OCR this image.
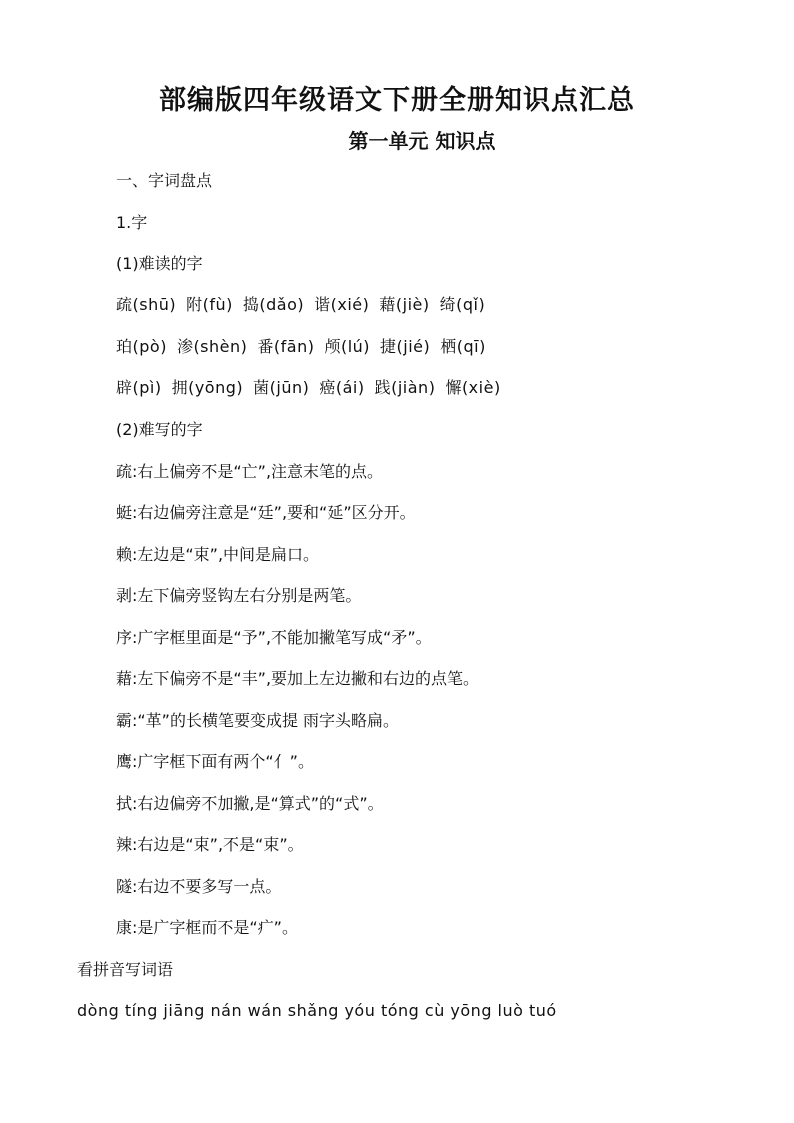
部编版四年级语文下册全册知识点汇总
第一单元 知识点
一、字词盘点
1.字
(1)难读的字
疏(shū) 附(fù) 捣(dǎo) 谐(xié) 藉(jiè) 绮(qǐ)
珀(pò) 渗(shèn) 番(fān) 颅(lú) 捷(jié) 栖(qī)
辟(pì) 拥(yōng) 菌(jūn) 癌(ái) 践(jiàn) 懈(xiè)
(2)难写的字
疏:右上偏旁不是“亡”,注意末笔的点。
蜓:右边偏旁注意是“廷”,要和“延”区分开。
赖:左边是“束”,中间是扁口。
剥:左下偏旁竖钩左右分别是两笔。
序:广字框里面是“予”,不能加撇笔写成“矛”。
藉:左下偏旁不是“丰”,要加上左边撇和右边的点笔。
霸:“革”的长横笔要变成提 雨字头略扁。
鹰:广字框下面有两个“亻”。
拭:右边偏旁不加撇,是“算式”的“式”。
辣:右边是“束”,不是“束”。
隧:右边不要多写一点。
康:是广字框而不是“疒”。
看拼音写词语
dòng tíng jiāng nán wán shǎng yóu tóng cù yōng luò tuó
